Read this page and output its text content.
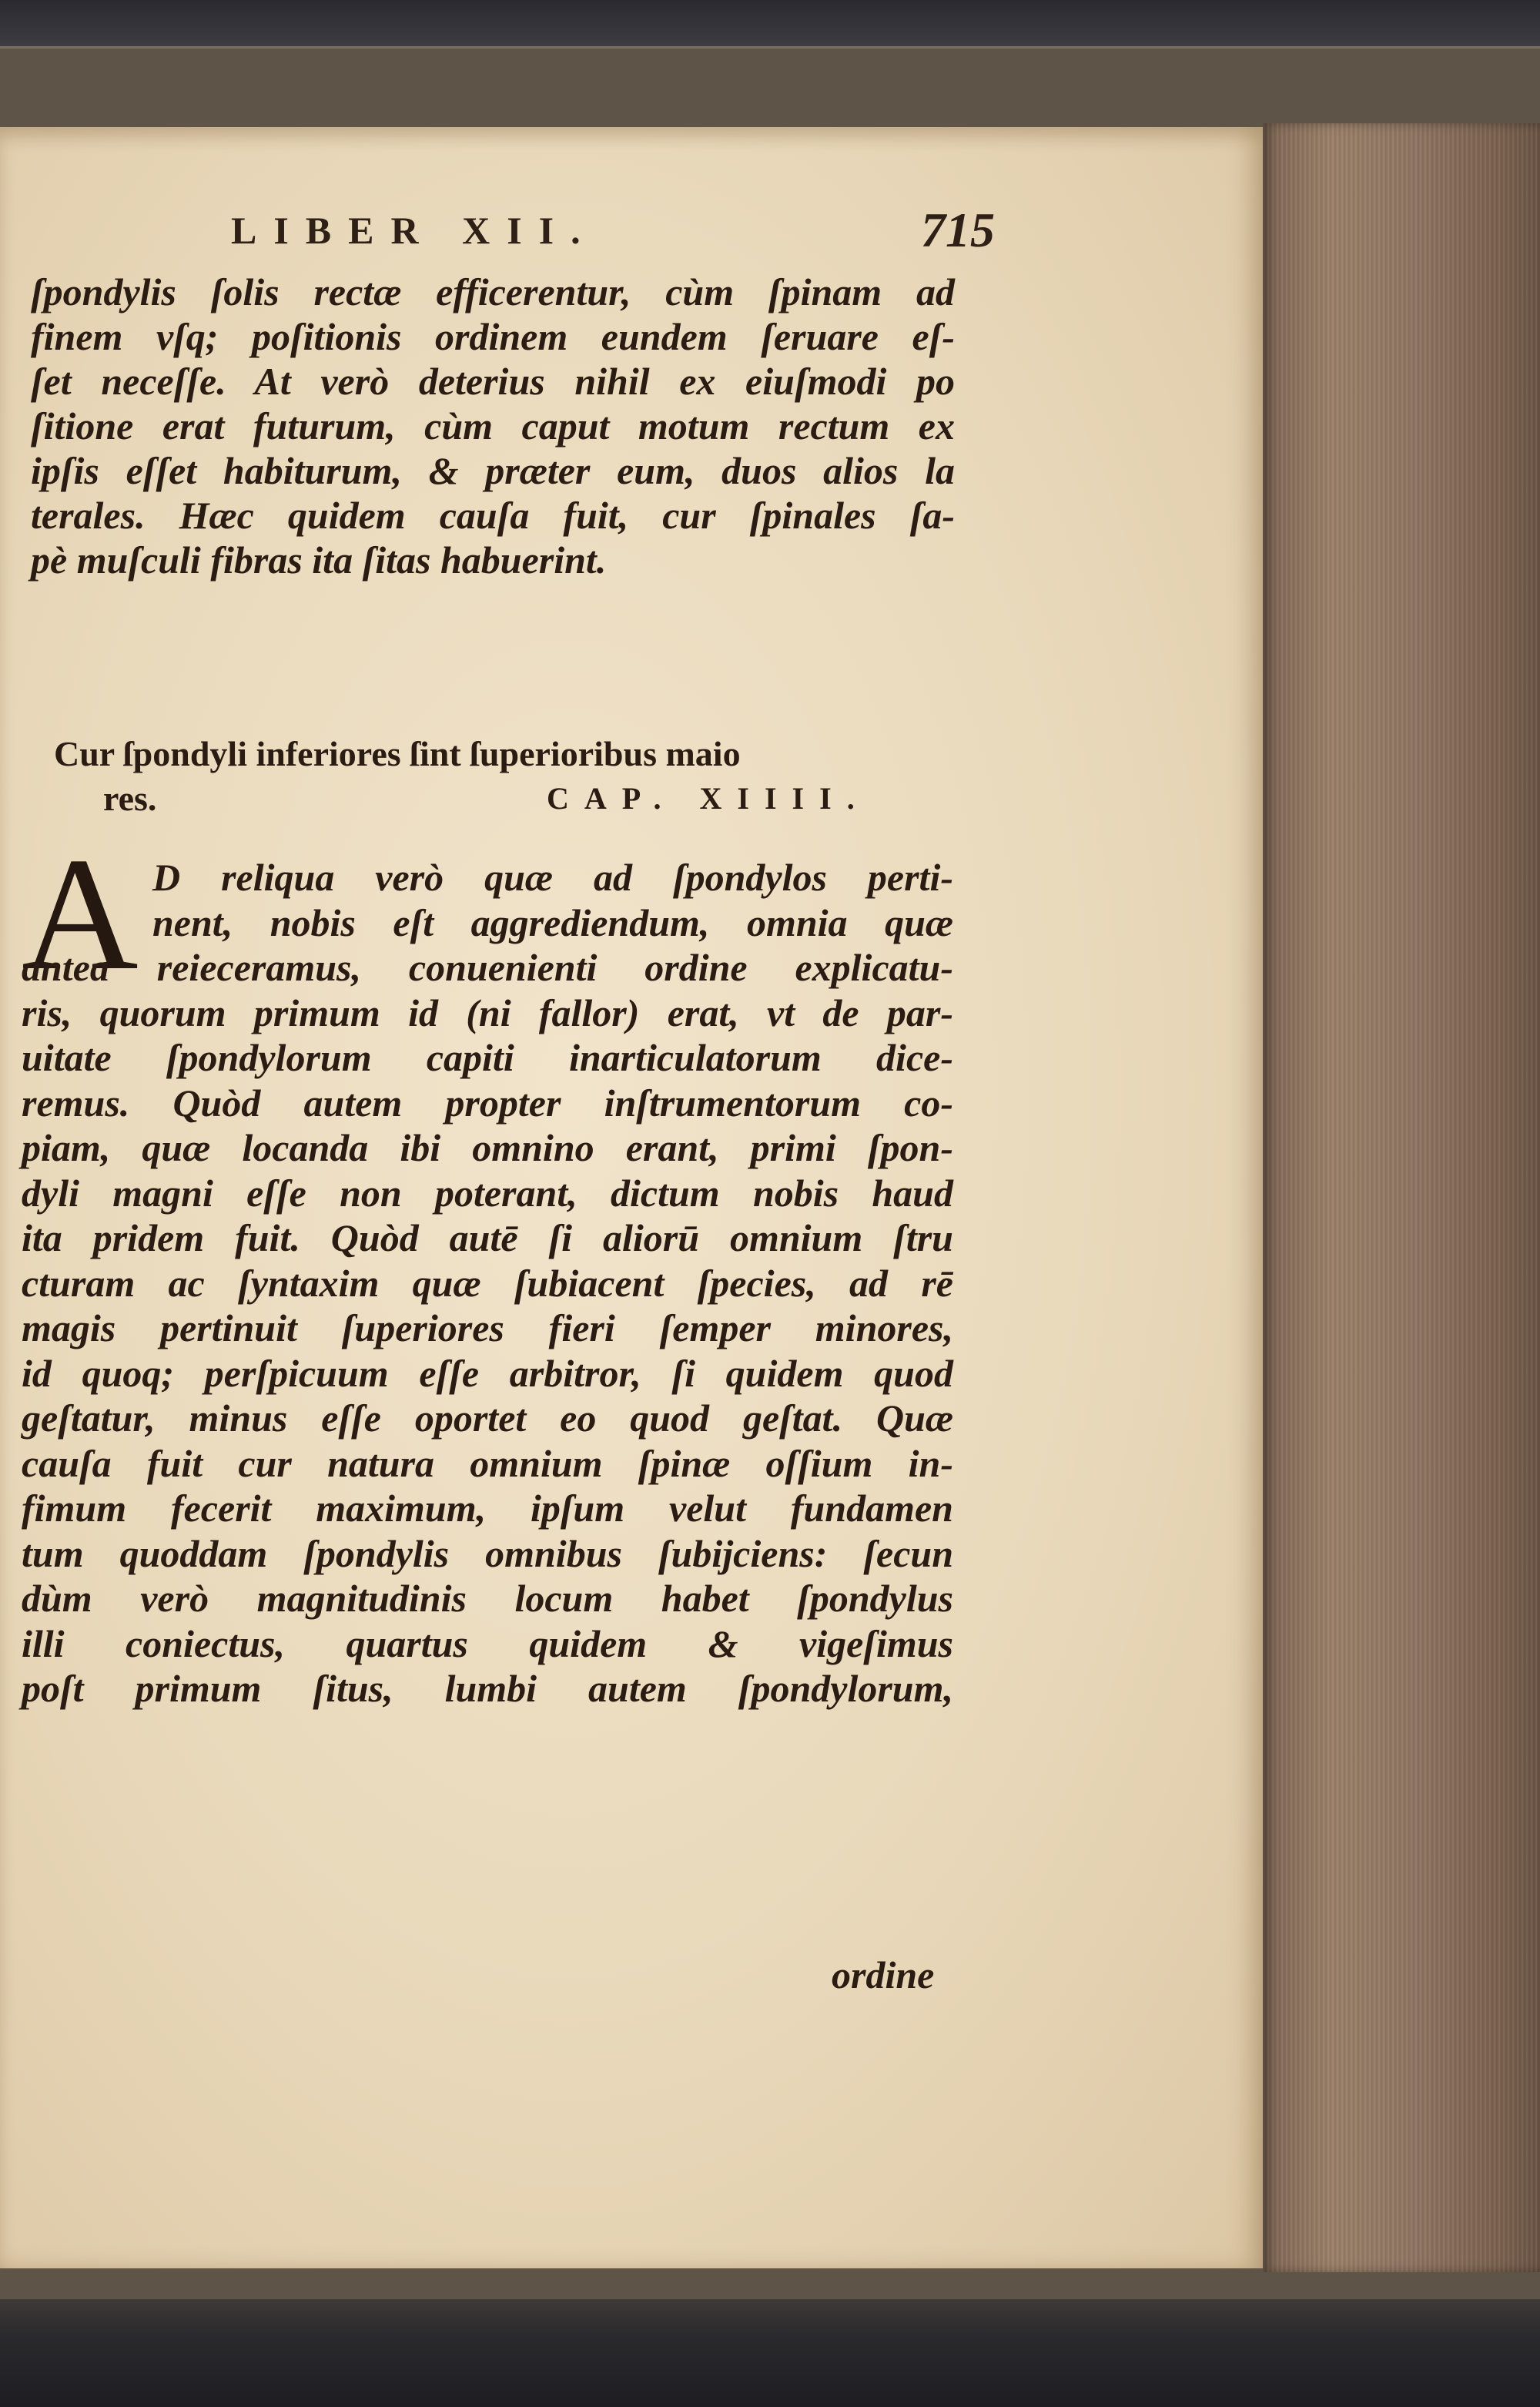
LIBER XII.	715
ſpondylis ſolis rectæ efficerentur, cùm ſpinam ad
finem vſq; poſitionis ordinem eundem ſeruare eſ-
ſet neceſſe. At verò deterius nihil ex eiuſmodi po
ſitione erat futurum, cùm caput motum rectum ex
ipſis eſſet habiturum, & præter eum, duos alios la
terales. Hæc quidem cauſa fuit, cur ſpinales ſa-
pè muſculi fibras ita ſitas habuerint.
Cur ſpondyli inferiores ſint ſuperioribus maio
res.	CAP. XIIII.
A D reliqua verò quæ ad ſpondylos perti-
nent, nobis eſt aggrediendum, omnia quæ
antea reieceramus, conuenienti ordine explicatu-
ris, quorum primum id (ni fallor) erat, vt de par-
uitate ſpondylorum capiti inarticulatorum dice-
remus. Quòd autem propter inſtrumentorum co-
piam, quæ locanda ibi omnino erant, primi ſpon-
dyli magni eſſe non poterant, dictum nobis haud
ita pridem fuit. Quòd autē ſi aliorū omnium ſtru
cturam ac ſyntaxim quæ ſubiacent ſpecies, ad rē
magis pertinuit ſuperiores fieri ſemper minores,
id quoq; perſpicuum eſſe arbitror, ſi quidem quod
geſtatur, minus eſſe oportet eo quod geſtat. Quæ
cauſa fuit cur natura omnium ſpinæ oſſium in-
fimum fecerit maximum, ipſum velut fundamen
tum quoddam ſpondylis omnibus ſubijciens: ſecun
dùm verò magnitudinis locum habet ſpondylus
illi coniectus, quartus quidem & vigeſimus
poſt primum ſitus, lumbi autem ſpondylorum,
ordine
